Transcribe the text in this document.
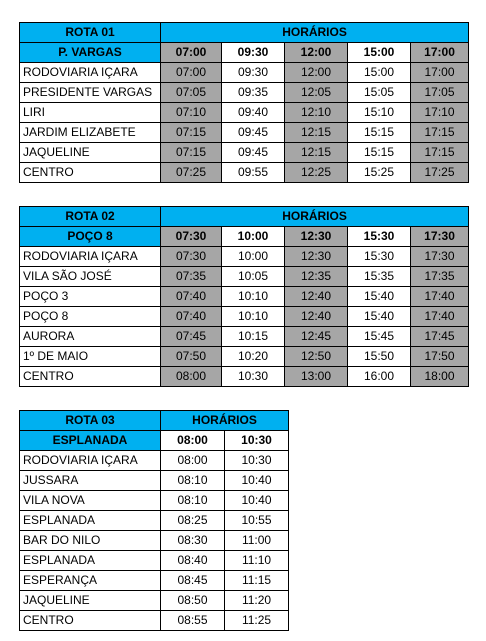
ROTA 01	HORÁRIOS				
P. VARGAS	07:00	09:30	12:00	15:00	17:00
RODOVIARIA IÇARA	07:00	09:30	12:00	15:00	17:00
PRESIDENTE VARGAS	07:05	09:35	12:05	15:05	17:05
LIRI	07:10	09:40	12:10	15:10	17:10
JARDIM ELIZABETE	07:15	09:45	12:15	15:15	17:15
JAQUELINE	07:15	09:45	12:15	15:15	17:15
CENTRO	07:25	09:55	12:25	15:25	17:25
ROTA 02	HORÁRIOS				
POÇO 8	07:30	10:00	12:30	15:30	17:30
RODOVIARIA IÇARA	07:30	10:00	12:30	15:30	17:30
VILA SÃO JOSÉ	07:35	10:05	12:35	15:35	17:35
POÇO 3	07:40	10:10	12:40	15:40	17:40
POÇO 8	07:40	10:10	12:40	15:40	17:40
AURORA	07:45	10:15	12:45	15:45	17:45
1º DE MAIO	07:50	10:20	12:50	15:50	17:50
CENTRO	08:00	10:30	13:00	16:00	18:00
ROTA 03	HORÁRIOS	
ESPLANADA	08:00	10:30
RODOVIARIA IÇARA	08:00	10:30
JUSSARA	08:10	10:40
VILA NOVA	08:10	10:40
ESPLANADA	08:25	10:55
BAR DO NILO	08:30	11:00
ESPLANADA	08:40	11:10
ESPERANÇA	08:45	11:15
JAQUELINE	08:50	11:20
CENTRO	08:55	11:25
